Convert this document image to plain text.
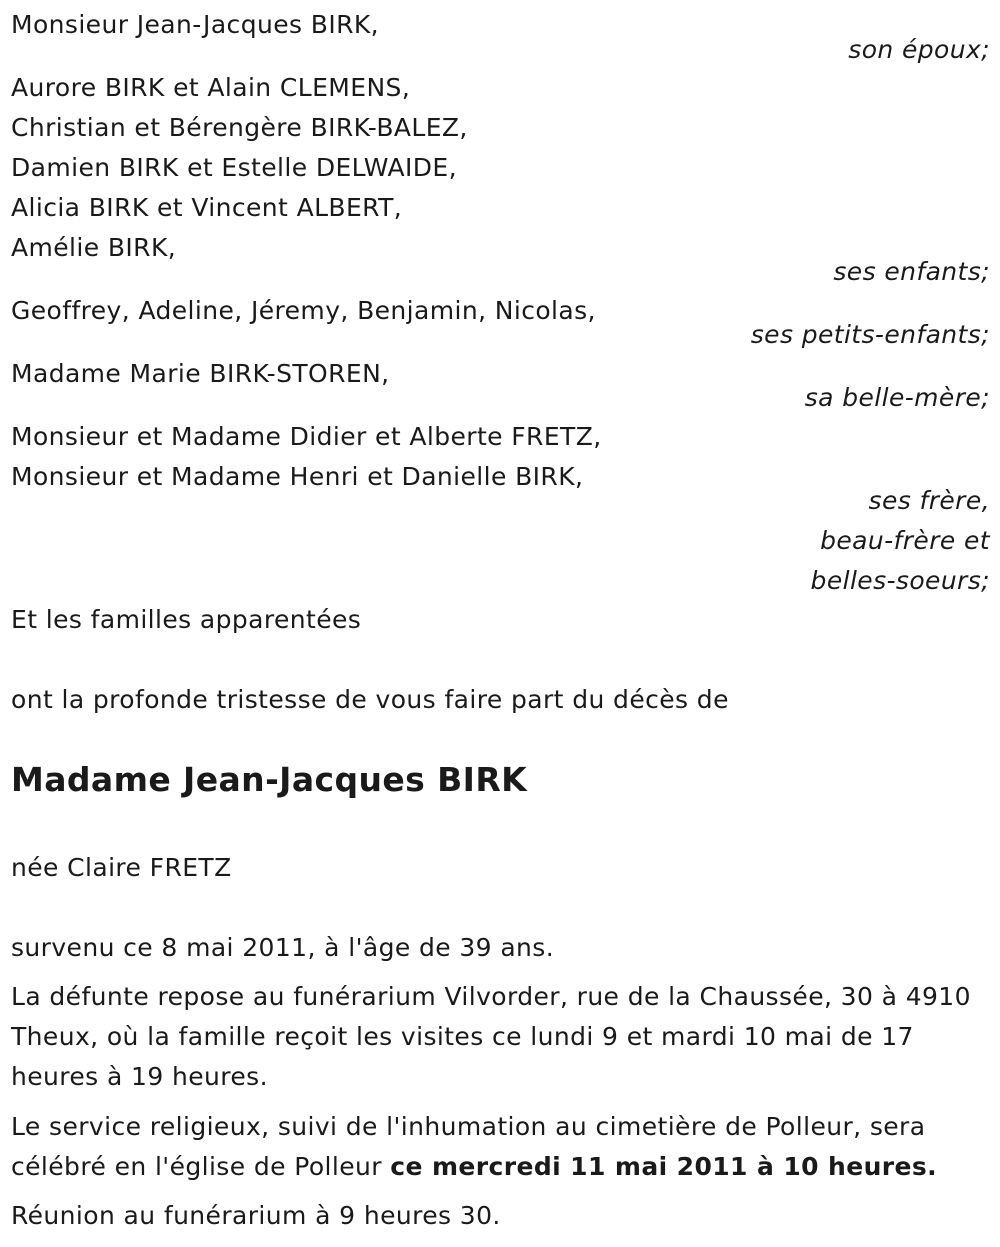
Monsieur Jean-Jacques BIRK,
son époux;
Aurore BIRK et Alain CLEMENS,
Christian et Bérengère BIRK-BALEZ,
Damien BIRK et Estelle DELWAIDE,
Alicia BIRK et Vincent ALBERT,
Amélie BIRK,
ses enfants;
Geoffrey, Adeline, Jéremy, Benjamin, Nicolas,
ses petits-enfants;
Madame Marie BIRK-STOREN,
sa belle-mère;
Monsieur et Madame Didier et Alberte FRETZ,
Monsieur et Madame Henri et Danielle BIRK,
ses frère,
beau-frère et
belles-soeurs;
Et les familles apparentées
ont la profonde tristesse de vous faire part du décès de
Madame Jean-Jacques BIRK
née Claire FRETZ
survenu ce 8 mai 2011, à l'âge de 39 ans.
La défunte repose au funérarium Vilvorder, rue de la Chaussée, 30 à 4910 Theux, où la famille reçoit les visites ce lundi 9 et mardi 10 mai de 17 heures à 19 heures.
Le service religieux, suivi de l'inhumation au cimetière de Polleur, sera célébré en l'église de Polleur ce mercredi 11 mai 2011 à 10 heures.
Réunion au funérarium à 9 heures 30.
